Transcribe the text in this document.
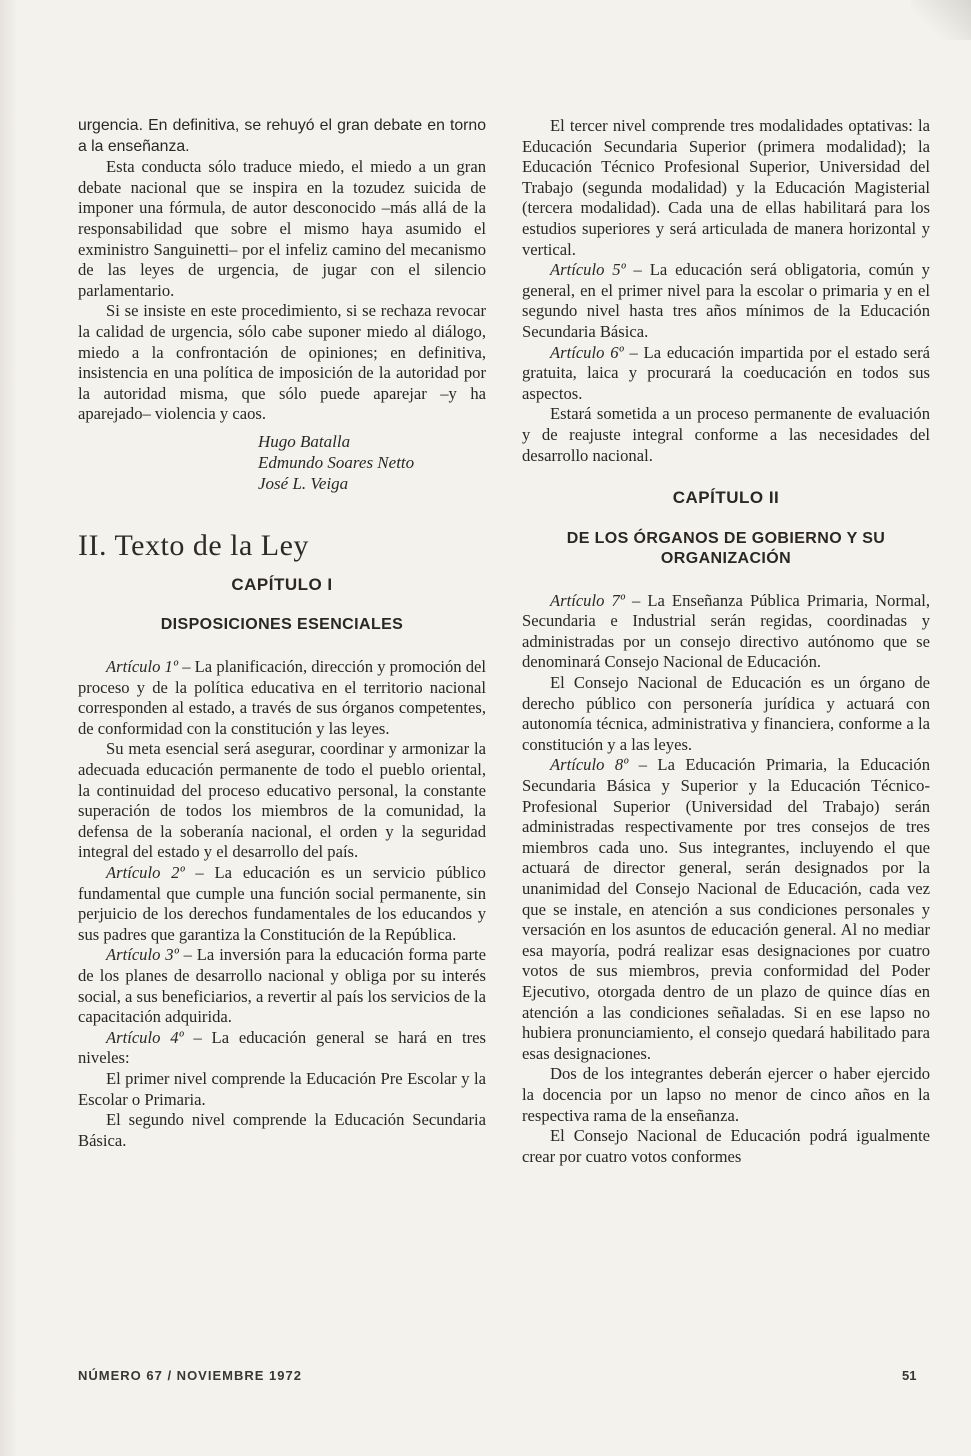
urgencia. En definitiva, se rehuyó el gran debate en torno a la enseñanza.

Esta conducta sólo traduce miedo, el miedo a un gran debate nacional que se inspira en la tozudez suicida de imponer una fórmula, de autor desconocido –más allá de la responsabilidad que sobre el mismo haya asumido el exministro Sanguinetti– por el infeliz camino del mecanismo de las leyes de urgencia, de jugar con el silencio parlamentario.

Si se insiste en este procedimiento, si se rechaza revocar la calidad de urgencia, sólo cabe suponer miedo al diálogo, miedo a la confrontación de opiniones; en definitiva, insistencia en una política de imposición de la autoridad por la autoridad misma, que sólo puede aparejar –y ha aparejado– violencia y caos.

Hugo Batalla
Edmundo Soares Netto
José L. Veiga
II. Texto de la Ley
CAPÍTULO I
DISPOSICIONES ESENCIALES

Artículo 1º – La planificación, dirección y promoción del proceso y de la política educativa en el territorio nacional corresponden al estado, a través de sus órganos competentes, de conformidad con la constitución y las leyes.

Su meta esencial será asegurar, coordinar y armonizar la adecuada educación permanente de todo el pueblo oriental, la continuidad del proceso educativo personal, la constante superación de todos los miembros de la comunidad, la defensa de la soberanía nacional, el orden y la seguridad integral del estado y el desarrollo del país.

Artículo 2º – La educación es un servicio público fundamental que cumple una función social permanente, sin perjuicio de los derechos fundamentales de los educandos y sus padres que garantiza la Constitución de la República.

Artículo 3º – La inversión para la educación forma parte de los planes de desarrollo nacional y obliga por su interés social, a sus beneficiarios, a revertir al país los servicios de la capacitación adquirida.

Artículo 4º – La educación general se hará en tres niveles:

El primer nivel comprende la Educación Pre Escolar y la Escolar o Primaria.

El segundo nivel comprende la Educación Secundaria Básica.

El tercer nivel comprende tres modalidades optativas: la Educación Secundaria Superior (primera modalidad); la Educación Técnico Profesional Superior, Universidad del Trabajo (segunda modalidad) y la Educación Magisterial (tercera modalidad). Cada una de ellas habilitará para los estudios superiores y será articulada de manera horizontal y vertical.

Artículo 5º – La educación será obligatoria, común y general, en el primer nivel para la escolar o primaria y en el segundo nivel hasta tres años mínimos de la Educación Secundaria Básica.

Artículo 6º – La educación impartida por el estado será gratuita, laica y procurará la coeducación en todos sus aspectos.

Estará sometida a un proceso permanente de evaluación y de reajuste integral conforme a las necesidades del desarrollo nacional.

CAPÍTULO II
DE LOS ÓRGANOS DE GOBIERNO Y SU ORGANIZACIÓN

Artículo 7º – La Enseñanza Pública Primaria, Normal, Secundaria e Industrial serán regidas, coordinadas y administradas por un consejo directivo autónomo que se denominará Consejo Nacional de Educación.

El Consejo Nacional de Educación es un órgano de derecho público con personería jurídica y actuará con autonomía técnica, administrativa y financiera, conforme a la constitución y a las leyes.

Artículo 8º – La Educación Primaria, la Educación Secundaria Básica y Superior y la Educación Técnico-Profesional Superior (Universidad del Trabajo) serán administradas respectivamente por tres consejos de tres miembros cada uno. Sus integrantes, incluyendo el que actuará de director general, serán designados por la unanimidad del Consejo Nacional de Educación, cada vez que se instale, en atención a sus condiciones personales y versación en los asuntos de educación general. Al no mediar esa mayoría, podrá realizar esas designaciones por cuatro votos de sus miembros, previa conformidad del Poder Ejecutivo, otorgada dentro de un plazo de quince días en atención a las condiciones señaladas. Si en ese lapso no hubiera pronunciamiento, el consejo quedará habilitado para esas designaciones.

Dos de los integrantes deberán ejercer o haber ejercido la docencia por un lapso no menor de cinco años en la respectiva rama de la enseñanza.

El Consejo Nacional de Educación podrá igualmente crear por cuatro votos conformes

NÚMERO 67 / NOVIEMBRE 1972	51
